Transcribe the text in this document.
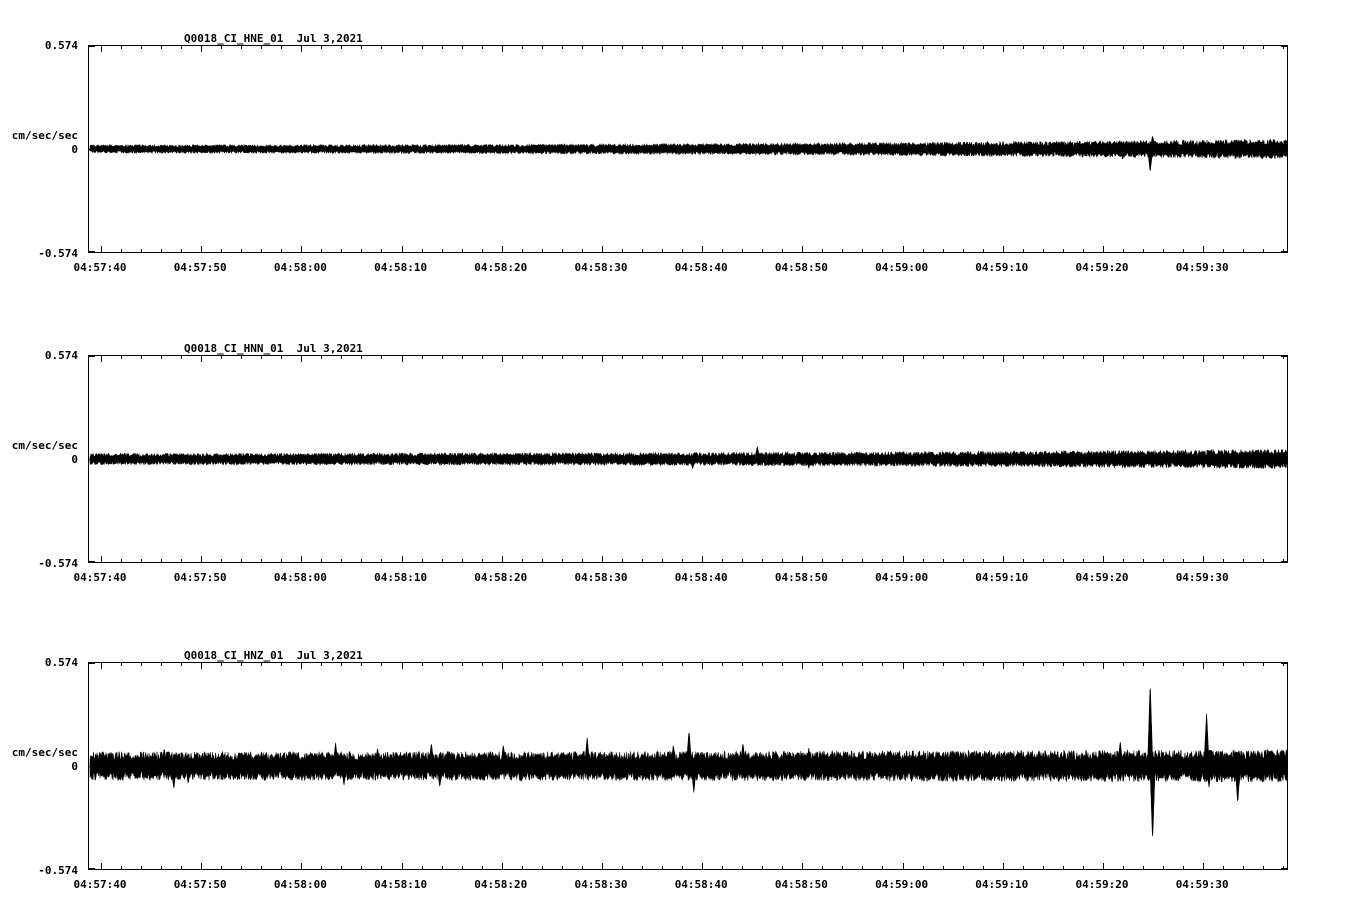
Q0018_CI_HNE_01  Jul 3,2021
cm/sec/sec
0.574
0
-0.574
04:57:40	04:57:50	04:58:00	04:58:10	04:58:20	04:58:30	04:58:40	04:58:50	04:59:00	04:59:10	04:59:20	04:59:30
Q0018_CI_HNN_01  Jul 3,2021
cm/sec/sec
0.574
0
-0.574
04:57:40	04:57:50	04:58:00	04:58:10	04:58:20	04:58:30	04:58:40	04:58:50	04:59:00	04:59:10	04:59:20	04:59:30
Q0018_CI_HNZ_01  Jul 3,2021
cm/sec/sec
0.574
0
-0.574
04:57:40	04:57:50	04:58:00	04:58:10	04:58:20	04:58:30	04:58:40	04:58:50	04:59:00	04:59:10	04:59:20	04:59:30
